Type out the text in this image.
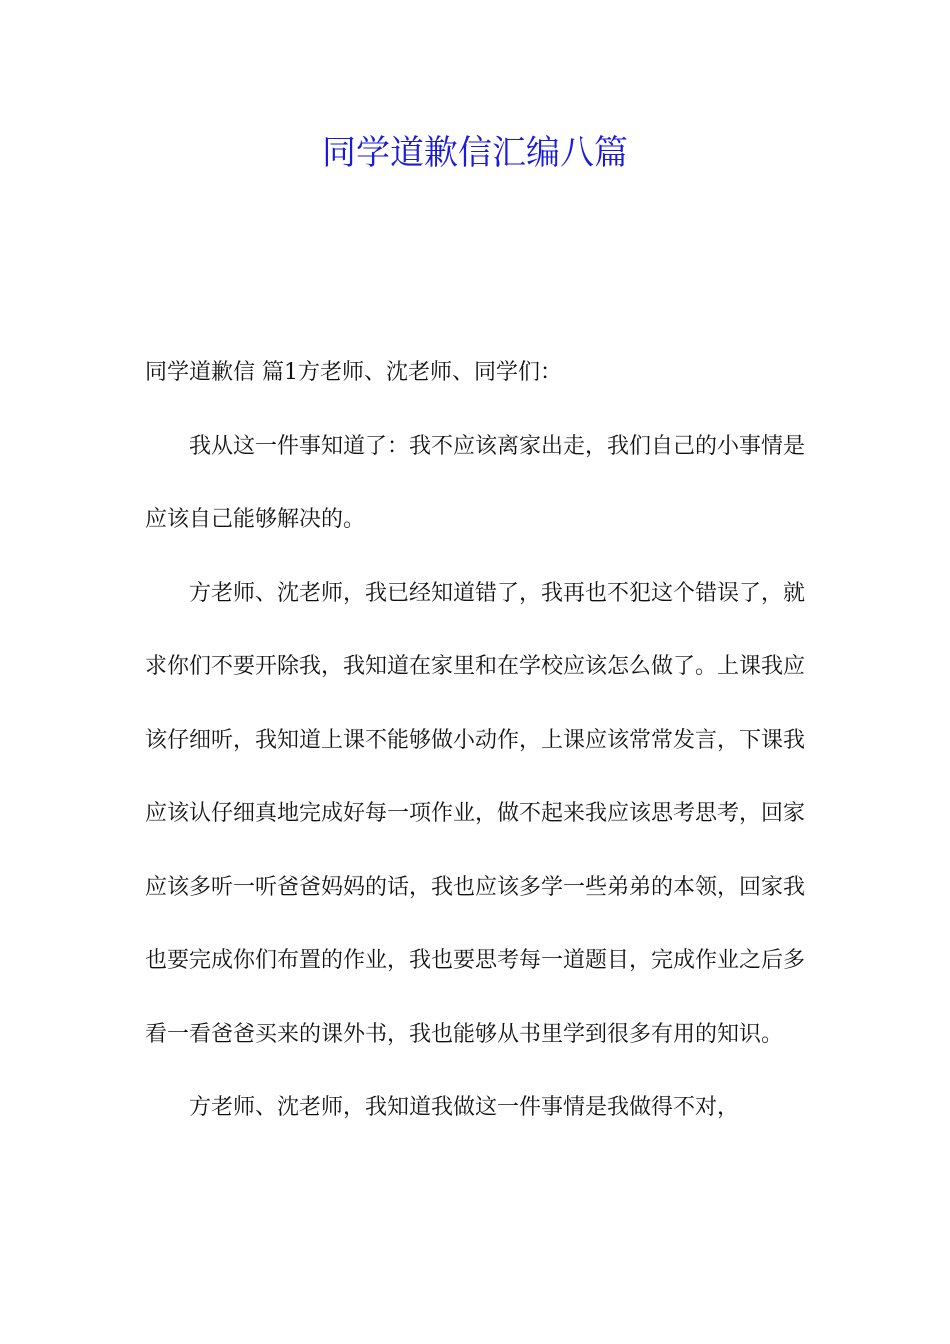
同学道歉信汇编八篇

同学道歉信 篇1方老师、沈老师、同学们：

我从这一件事知道了：我不应该离家出走，我们自己的小事情是应该自己能够解决的。

方老师、沈老师，我已经知道错了，我再也不犯这个错误了，就求你们不要开除我，我知道在家里和在学校应该怎么做了。上课我应该仔细听，我知道上课不能够做小动作，上课应该常常发言，下课我应该认仔细真地完成好每一项作业，做不起来我应该思考思考，回家应该多听一听爸爸妈妈的话，我也应该多学一些弟弟的本领，回家我也要完成你们布置的作业，我也要思考每一道题目，完成作业之后多看一看爸爸买来的课外书，我也能够从书里学到很多有用的知识。

方老师、沈老师，我知道我做这一件事情是我做得不对，
